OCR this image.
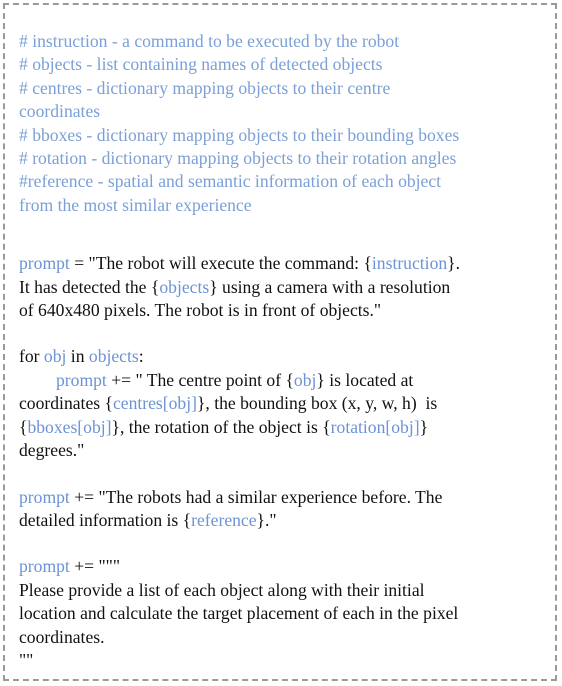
# instruction - a command to be executed by the robot
# objects - list containing names of detected objects
# centres - dictionary mapping objects to their centre
coordinates
# bboxes - dictionary mapping objects to their bounding boxes
# rotation - dictionary mapping objects to their rotation angles
#reference - spatial and semantic information of each object
from the most similar experience
prompt = "The robot will execute the command: {instruction}.
It has detected the {objects} using a camera with a resolution
of 640x480 pixels. The robot is in front of objects."
for obj in objects:
prompt += " The centre point of {obj} is located at
coordinates {centres[obj]}, the bounding box (x, y, w, h)  is
{bboxes[obj]}, the rotation of the object is {rotation[obj]}
degrees."
prompt += "The robots had a similar experience before. The
detailed information is {reference}."
prompt += """
Please provide a list of each object along with their initial
location and calculate the target placement of each in the pixel
coordinates.
""
